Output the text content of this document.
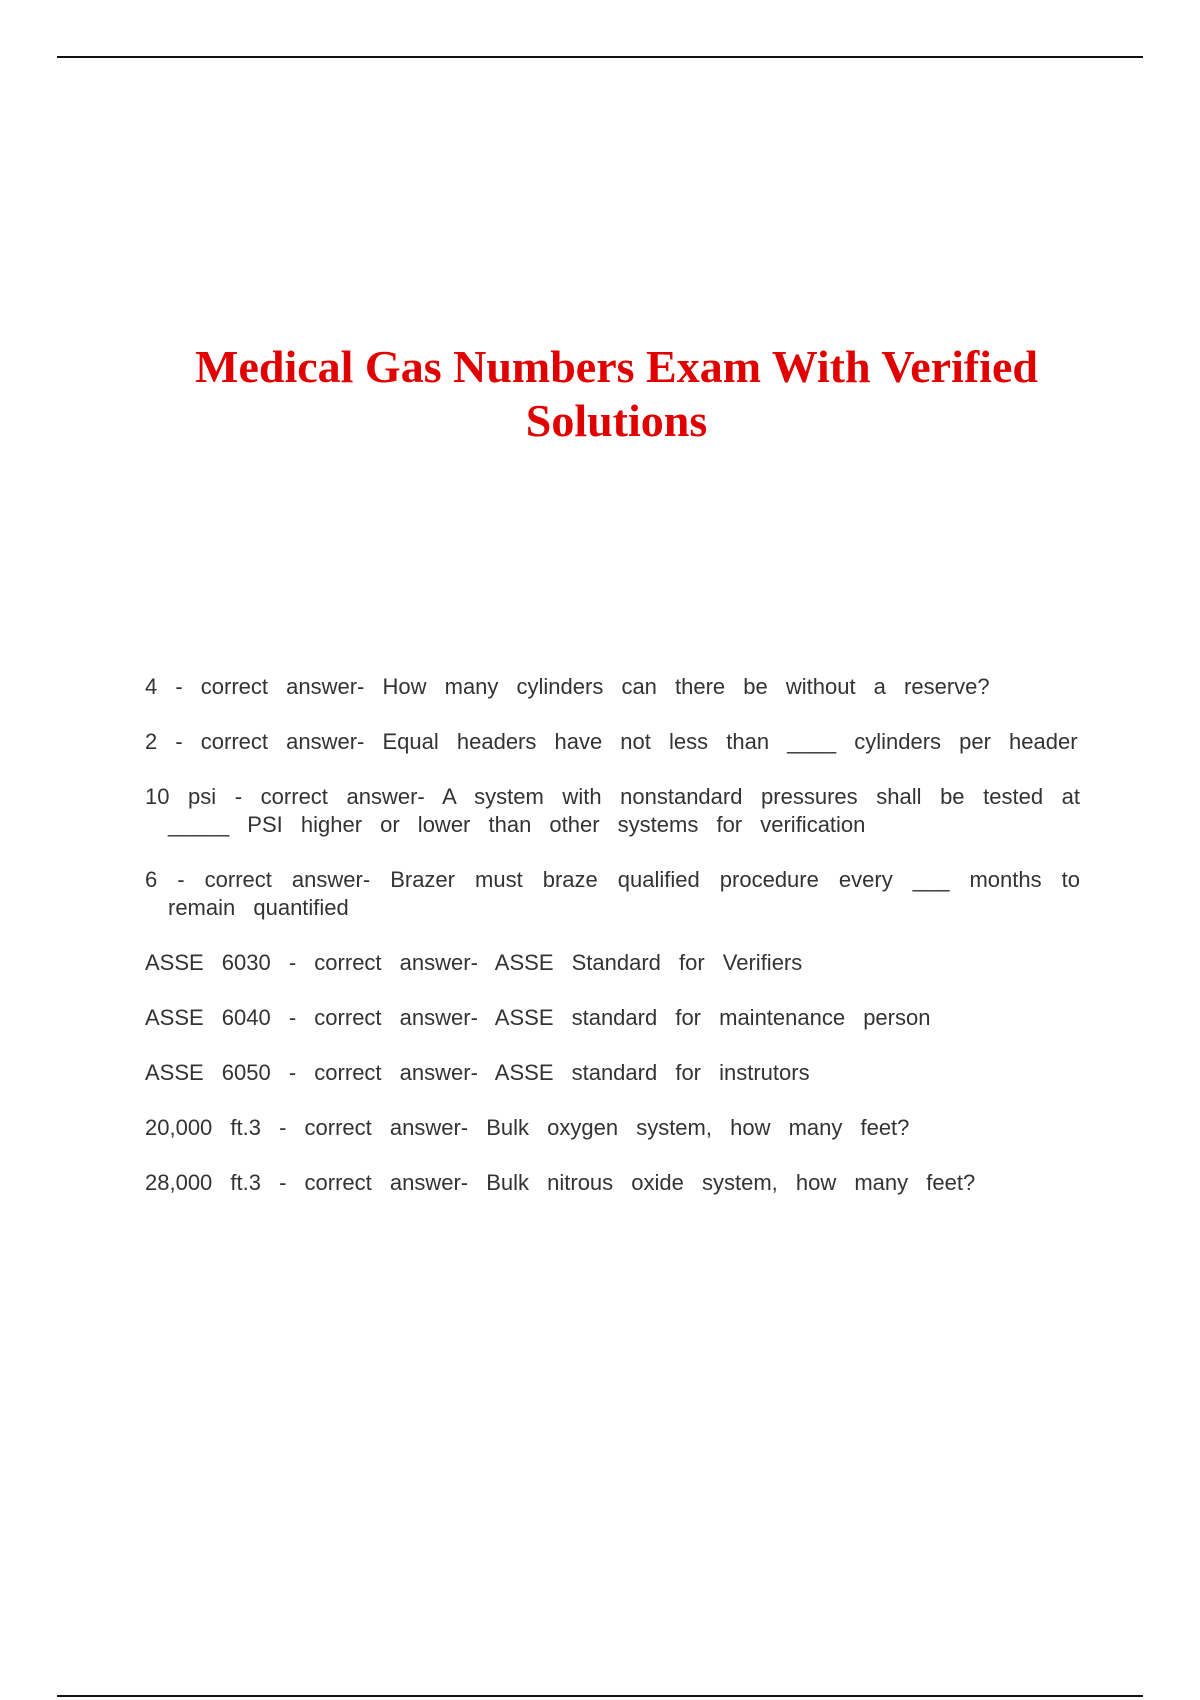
Medical Gas Numbers Exam With Verified Solutions

4 - correct answer- How many cylinders can there be without a reserve?

2 - correct answer- Equal headers have not less than ____ cylinders per header

10 psi - correct answer- A system with nonstandard pressures shall be tested at _____ PSI higher or lower than other systems for verification

6 - correct answer- Brazer must braze qualified procedure every ___ months to remain quantified

ASSE 6030 - correct answer- ASSE Standard for Verifiers

ASSE 6040 - correct answer- ASSE standard for maintenance person

ASSE 6050 - correct answer- ASSE standard for instrutors

20,000 ft.3 - correct answer- Bulk oxygen system, how many feet?

28,000 ft.3 - correct answer- Bulk nitrous oxide system, how many feet?
